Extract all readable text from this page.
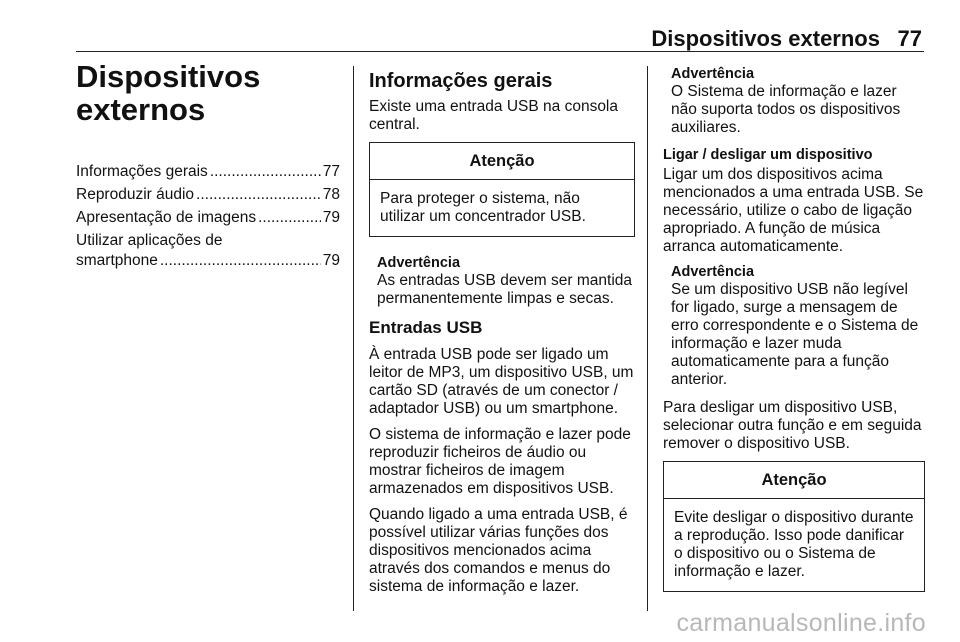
Dispositivos externos 77
Dispositivos
externos
Informações gerais .....	77
Reproduzir áudio .....	78
Apresentação de imagens .....	79
Utilizar aplicações de
smartphone .....	79
Informações gerais

Existe uma entrada USB na consola central.

Atenção
Para proteger o sistema, não utilizar um concentrador USB.
Advertência
As entradas USB devem ser mantida permanentemente limpas e secas.
Entradas USB

À entrada USB pode ser ligado um leitor de MP3, um dispositivo USB, um cartão SD (através de um conector / adaptador USB) ou um smartphone.

O sistema de informação e lazer pode reproduzir ficheiros de áudio ou mostrar ficheiros de imagem armazenados em dispositivos USB.

Quando ligado a uma entrada USB, é possível utilizar várias funções dos dispositivos mencionados acima através dos comandos e menus do sistema de informação e lazer.

Advertência
O Sistema de informação e lazer não suporta todos os dispositivos auxiliares.
Ligar / desligar um dispositivo

Ligar um dos dispositivos acima mencionados a uma entrada USB. Se necessário, utilize o cabo de ligação apropriado. A função de música arranca automaticamente.

Advertência
Se um dispositivo USB não legível for ligado, surge a mensagem de erro correspondente e o Sistema de informação e lazer muda automaticamente para a função anterior.

Para desligar um dispositivo USB, selecionar outra função e em seguida remover o dispositivo USB.

Atenção
Evite desligar o dispositivo durante a reprodução. Isso pode danificar o dispositivo ou o Sistema de informação e lazer.
carmanualsonline.info
